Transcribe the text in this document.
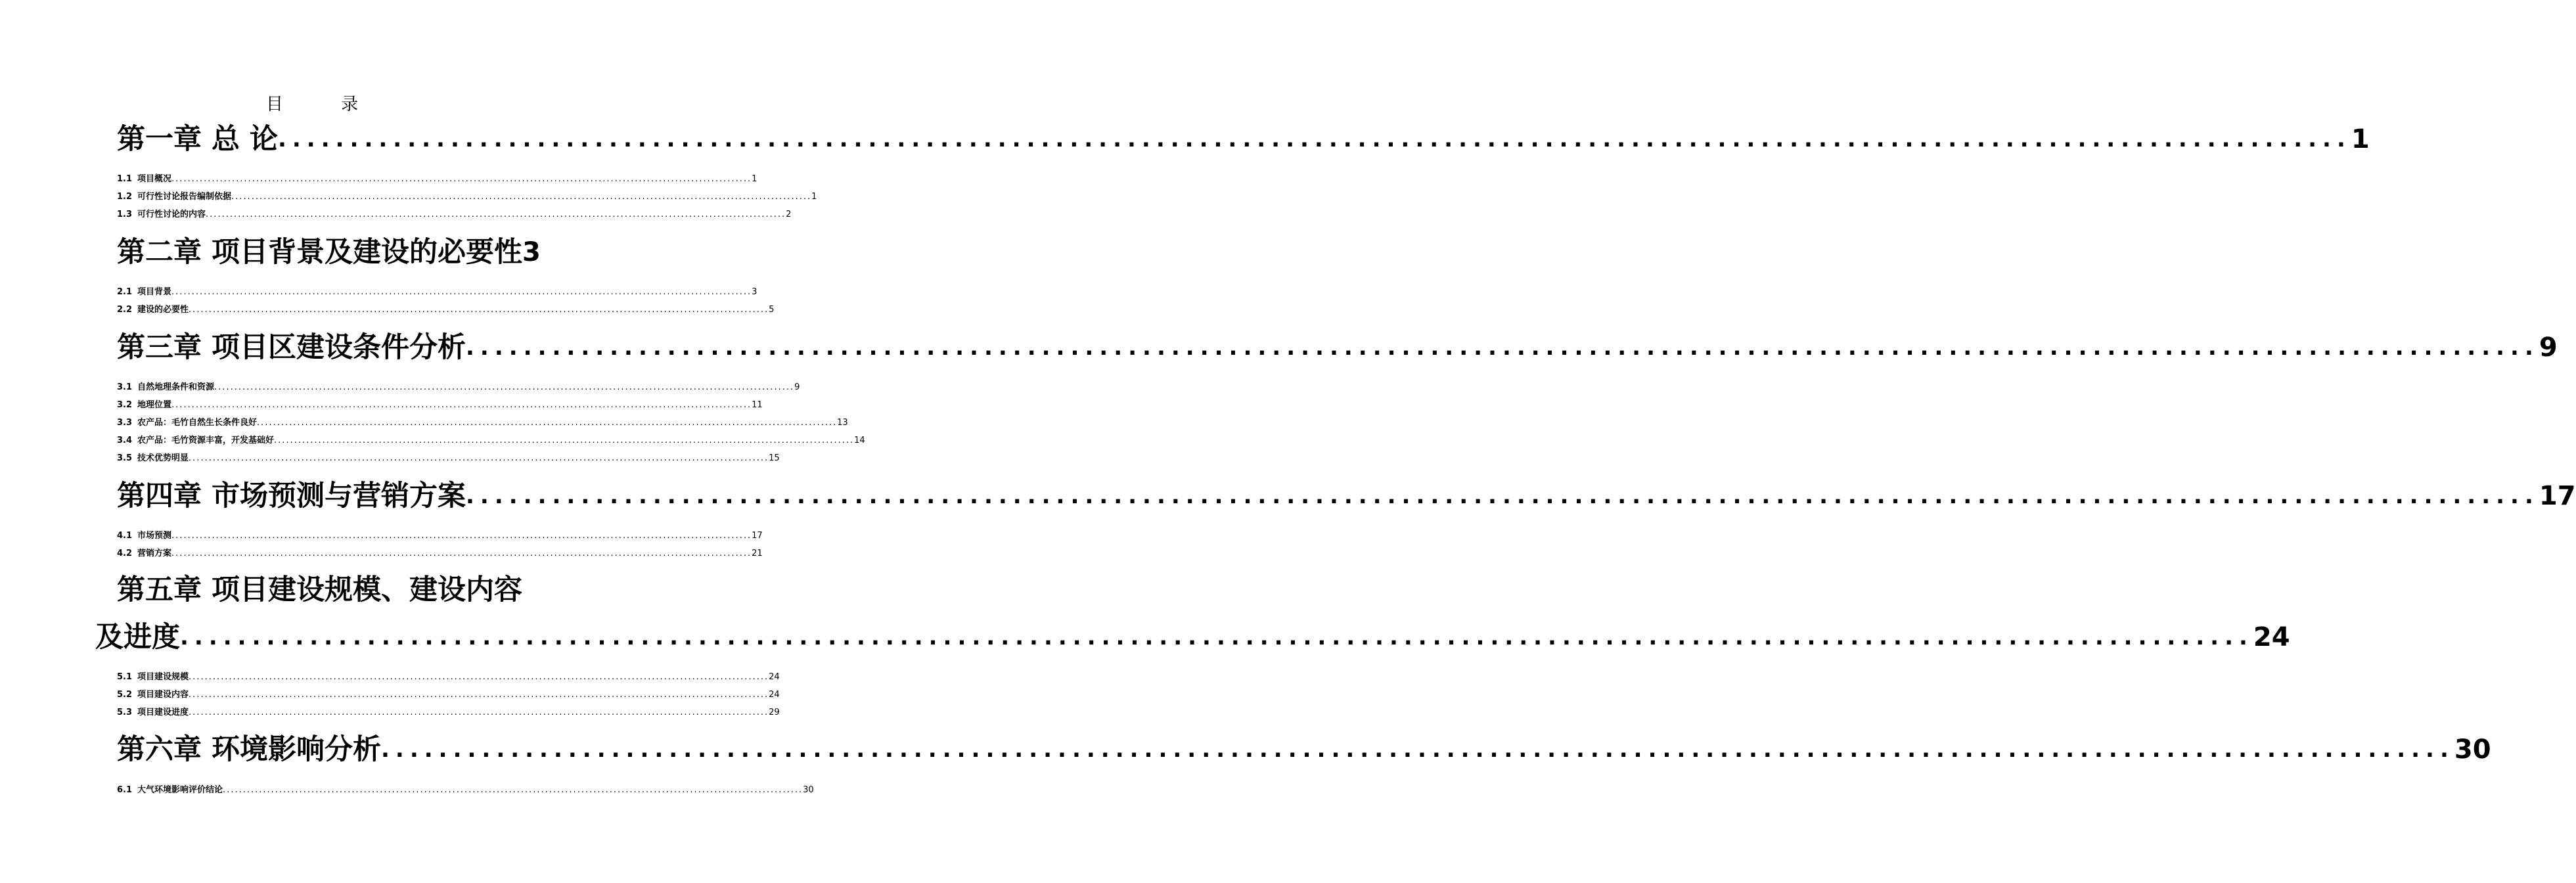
目 录
第一章 总 论 ................................................................................................................................................ 1
1.1 项目概况 ................................................................................................................................................ 1
1.2 可行性讨论报告编制依据 ................................................................................................................................................ 1
1.3 可行性讨论的内容 ................................................................................................................................................ 2
第二章 项目背景及建设的必要性 3
2.1 项目背景 ................................................................................................................................................ 3
2.2 建设的必要性 ................................................................................................................................................ 5
第三章 项目区建设条件分析 ................................................................................................................................................ 9
3.1 自然地理条件和资源 ................................................................................................................................................ 9
3.2 地理位置 ................................................................................................................................................ 11
3.3 农产品：毛竹自然生长条件良好 ................................................................................................................................................ 13
3.4 农产品：毛竹资源丰富，开发基础好 ................................................................................................................................................ 14
3.5 技术优势明显 ................................................................................................................................................ 15
第四章 市场预测与营销方案 ................................................................................................................................................ 17
4.1 市场预测 ................................................................................................................................................ 17
4.2 营销方案 ................................................................................................................................................ 21
第五章 项目建设规模、建设内容
及进度 ................................................................................................................................................ 24
5.1 项目建设规模 ................................................................................................................................................ 24
5.2 项目建设内容 ................................................................................................................................................ 24
5.3 项目建设进度 ................................................................................................................................................ 29
第六章 环境影响分析 ................................................................................................................................................ 30
6.1 大气环境影响评价结论 ................................................................................................................................................ 30
